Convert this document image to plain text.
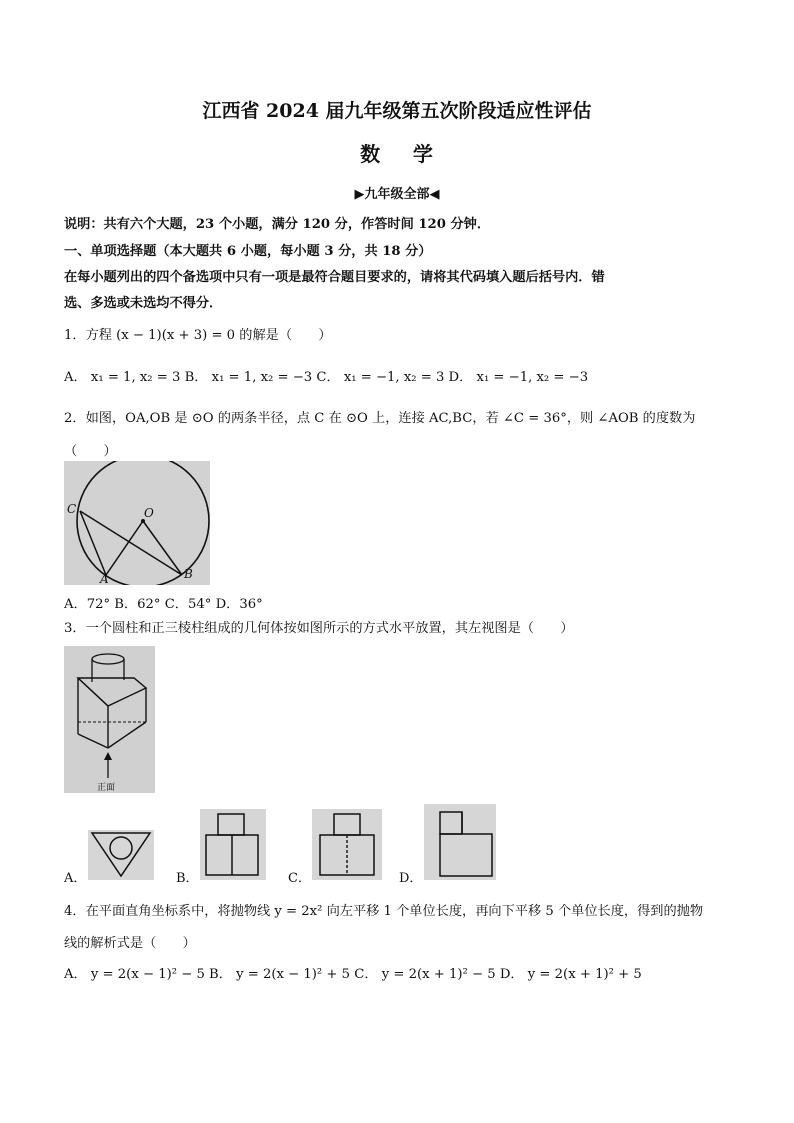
江西省 2024 届九年级第五次阶段适应性评估
数    学
▶九年级全部◀
说明：共有六个大题，23 个小题，满分 120 分，作答时间 120 分钟．
一、单项选择题（本大题共 6 小题，每小题 3 分，共 18 分）
在每小题列出的四个备选项中只有一项是最符合题目要求的，请将其代码填入题后括号内．错
选、多选或未选均不得分．
1．方程 (x − 1)(x + 3) = 0 的解是（　　）
A． x₁ = 1, x₂ = 3 B． x₁ = 1, x₂ = −3 C． x₁ = −1, x₂ = 3 D． x₁ = −1, x₂ = −3
2．如图，OA,OB 是 ⊙O 的两条半径，点 C 在 ⊙O 上，连接 AC,BC，若 ∠C = 36°，则 ∠AOB 的度数为
（　　）
C	O
A	B
A．72° B．62° C．54° D．36°
3．一个圆柱和正三棱柱组成的几何体按如图所示的方式水平放置，其左视图是（　　）
正面
A．	B．	C．	D．
4．在平面直角坐标系中，将抛物线 y = 2x² 向左平移 1 个单位长度，再向下平移 5 个单位长度，得到的抛物
线的解析式是（　　）
A． y = 2(x − 1)² − 5 B． y = 2(x − 1)² + 5 C． y = 2(x + 1)² − 5 D． y = 2(x + 1)² + 5
